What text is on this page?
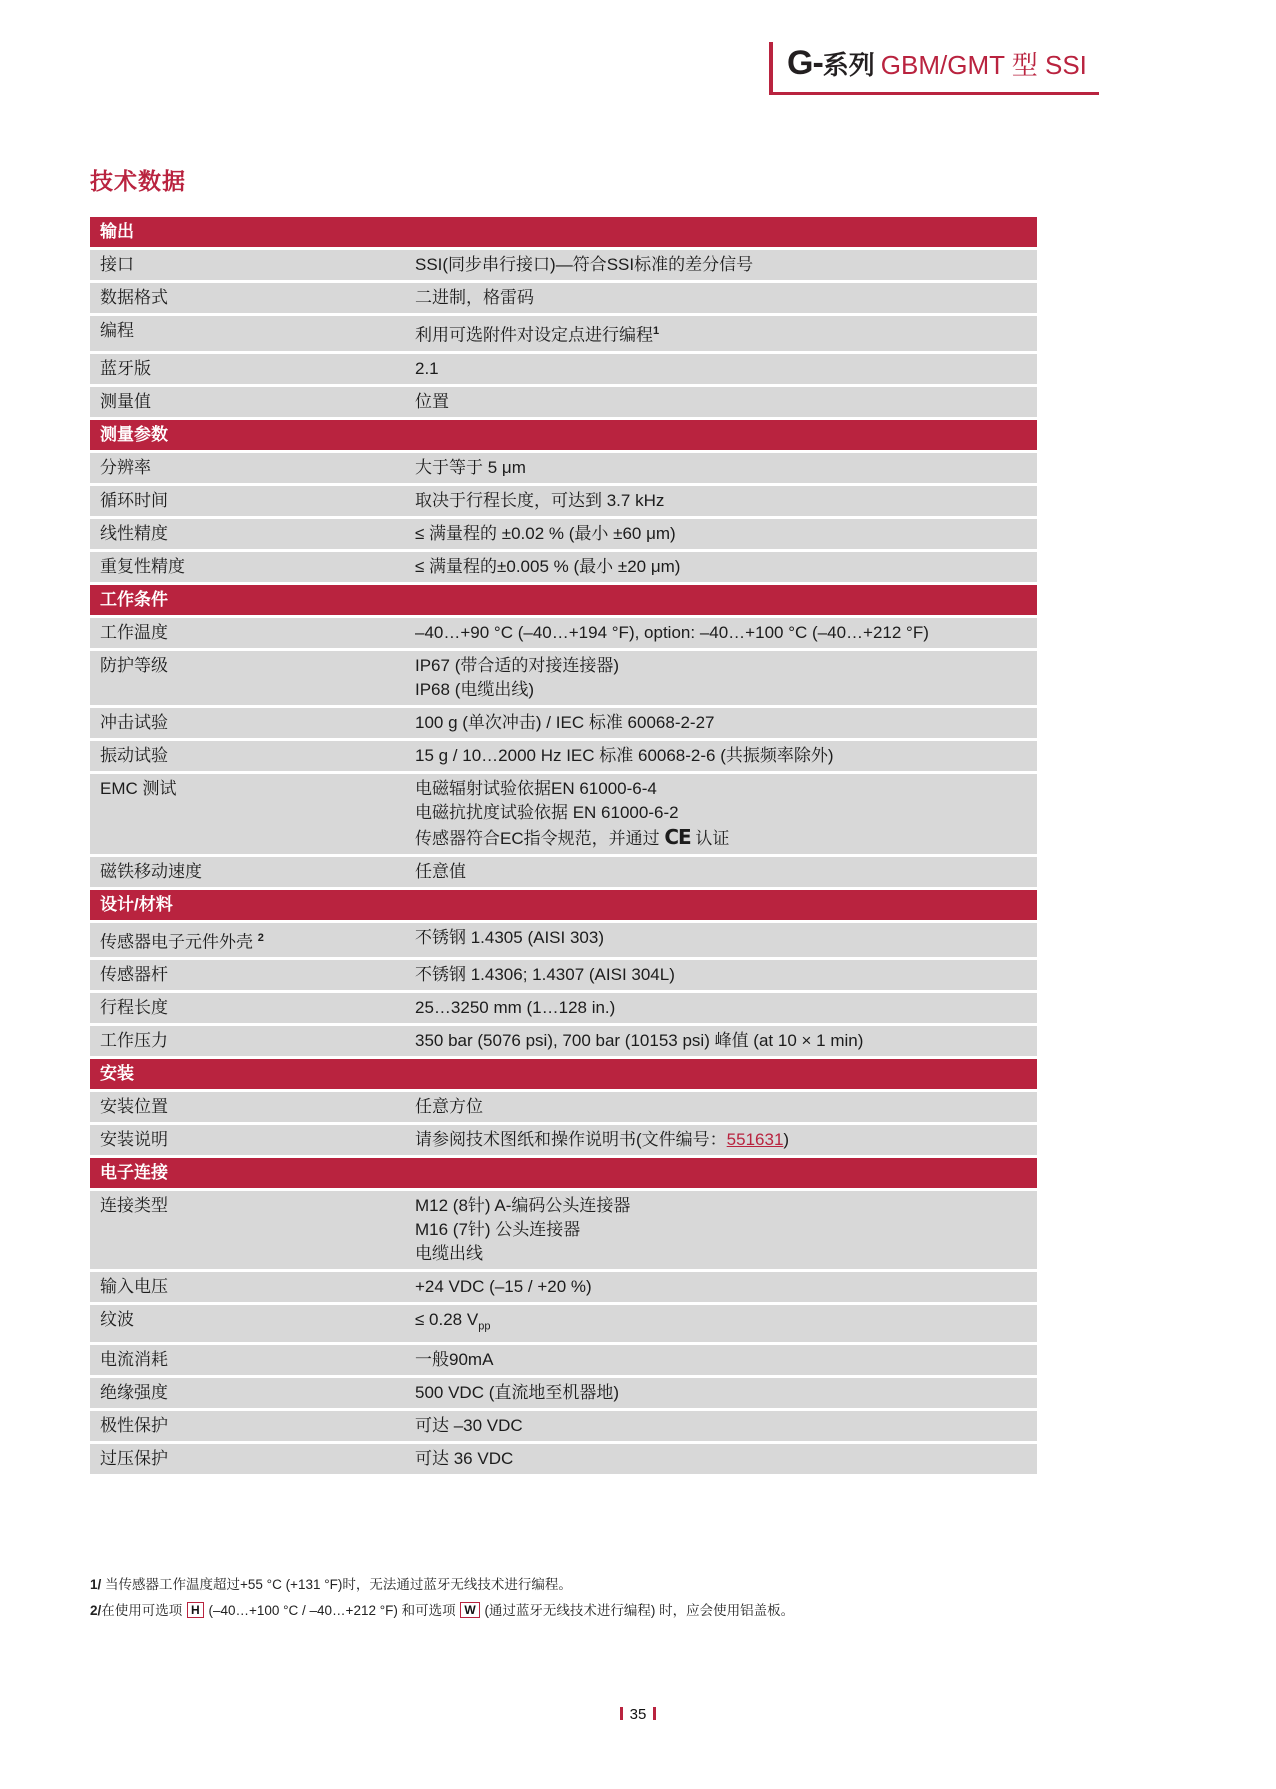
G-系列 GBM/GMT 型 SSI
技术数据
输出
接口	SSI(同步串行接口)—符合SSI标准的差分信号
数据格式	二进制，格雷码
编程	利用可选附件对设定点进行编程$^1$
蓝牙版	2.1
测量值	位置
测量参数
分辨率	大于等于 5 μm
循环时间	取决于行程长度，可达到 3.7 kHz
线性精度	≤ 满量程的 ±0.02 % (最小 ±60 μm)
重复性精度	≤ 满量程的±0.005 % (最小 ±20 μm)
工作条件
工作温度	–40…+90 °C (–40…+194 °F), option: –40…+100 °C (–40…+212 °F)
防护等级	IP67 (带合适的对接连接器)
IP68 (电缆出线)
冲击试验	100 g (单次冲击) / IEC 标准 60068-2-27
振动试验	15 g / 10…2000 Hz IEC 标准 60068-2-6 (共振频率除外)
EMC 测试	电磁辐射试验依据EN 61000-6-4
电磁抗扰度试验依据 EN 61000-6-2
传感器符合EC指令规范，并通过 CE 认证
磁铁移动速度	任意值
设计/材料
传感器电子元件外壳 $^2$	不锈钢 1.4305 (AISI 303)
传感器杆	不锈钢 1.4306; 1.4307 (AISI 304L)
行程长度	25…3250 mm (1…128 in.)
工作压力	350 bar (5076 psi), 700 bar (10153 psi) 峰值 (at 10 × 1 min)
安装
安装位置	任意方位
安装说明	请参阅技术图纸和操作说明书(文件编号：551631)
电子连接
连接类型	M12 (8针) A-编码公头连接器
M16 (7针) 公头连接器
电缆出线
输入电压	+24 VDC (–15 / +20 %)
纹波	≤ 0.28 $V_{pp}$
电流消耗	一般90mA
绝缘强度	500 VDC (直流地至机器地)
极性保护	可达 –30 VDC
过压保护	可达 36 VDC
1/ 当传感器工作温度超过+55 °C (+131 °F)时，无法通过蓝牙无线技术进行编程。
2/在使用可选项 H (–40…+100 °C / –40…+212 °F) 和可选项 W (通过蓝牙无线技术进行编程) 时，应会使用铝盖板。
35
